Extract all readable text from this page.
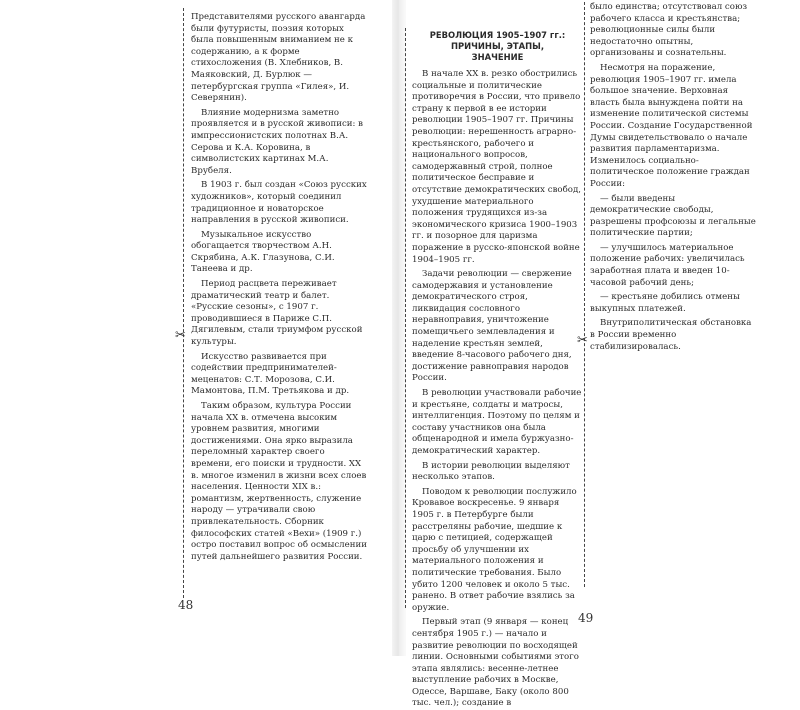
✂	✂

Представителями русского авангарда были футуристы, поэзия которых была повышенным вниманием не к содержанию, а к форме стихосложения (В. Хлебников, В. Маяковский, Д. Бурлюк — петербургская группа «Гилея», И. Северянин).

Влияние модернизма заметно проявляется и в русской живописи: в импрессионистских полотнах В.А. Серова и К.А. Коровина, в символистских картинах М.А. Врубеля.

В 1903 г. был создан «Союз русских художников», который соединил традиционное и новаторское направления в русской живописи.

Музыкальное искусство обогащается творчеством А.Н. Скрябина, А.К. Глазунова, С.И. Танеева и др.

Период расцвета переживает драматический театр и балет. «Русские сезоны», с 1907 г. проводившиеся в Париже С.П. Дягилевым, стали триумфом русской культуры.

Искусство развивается при содействии предпринимателей-меценатов: С.Т. Морозова, С.И. Мамонтова, П.М. Третьякова и др.

Таким образом, культура России начала XX в. отмечена высоким уровнем развития, многими достижениями. Она ярко выразила переломный характер своего времени, его поиски и трудности. XX в. многое изменил в жизни всех слоев населения. Ценности XIX в.: романтизм, жертвенность, служение народу — утрачивали свою привлекательность. Сборник философских статей «Вехи» (1909 г.) остро поставил вопрос об осмыслении путей дальнейшего развития России.

РЕВОЛЮЦИЯ 1905–1907 гг.:
ПРИЧИНЫ, ЭТАПЫ,
ЗНАЧЕНИЕ

В начале XX в. резко обострились социальные и политические противоречия в России, что привело страну к первой в ее истории революции 1905–1907 гг. Причины революции: нерешенность аграрно-крестьянского, рабочего и национального вопросов, самодержавный строй, полное политическое бесправие и отсутствие демократических свобод, ухудшение материального положения трудящихся из-за экономического кризиса 1900–1903 гг. и позорное для царизма поражение в русско-японской войне 1904–1905 гг.

Задачи революции — свержение самодержавия и установление демократического строя, ликвидация сословного неравноправия, уничтожение помещичьего землевладения и наделение крестьян землей, введение 8-часового рабочего дня, достижение равноправия народов России.

В революции участвовали рабочие и крестьяне, солдаты и матросы, интеллигенция. Поэтому по целям и составу участников она была общенародной и имела буржуазно-демократический характер.

В истории революции выделяют несколько этапов.

Поводом к революции послужило Кровавое воскресенье. 9 января 1905 г. в Петербурге были расстреляны рабочие, шедшие к царю с петицией, содержащей просьбу об улучшении их материального положения и политические требования. Было убито 1200 человек и около 5 тыс. ранено. В ответ рабочие взялись за оружие.

Первый этап (9 января — конец сентября 1905 г.) — начало и развитие революции по восходящей линии. Основными событиями этого этапа являлись: весенне-летнее выступление рабочих в Москве, Одессе, Варшаве, Баку (около 800 тыс. чел.); создание в

было единства; отсутствовал союз рабочего класса и крестьянства; революционные силы были недостаточно опытны, организованы и сознательны.

Несмотря на поражение, революция 1905–1907 гг. имела большое значение. Верховная власть была вынуждена пойти на изменение политической системы России. Создание Государственной Думы свидетельствовало о начале развития парламентаризма. Изменилось социально-политическое положение граждан России:

— были введены демократические свободы, разрешены профсоюзы и легальные политические партии;

— улучшилось материальное положение рабочих: увеличилась заработная плата и введен 10-часовой рабочий день;

— крестьяне добились отмены выкупных платежей.

Внутриполитическая обстановка в России временно стабилизировалась.

48
49
